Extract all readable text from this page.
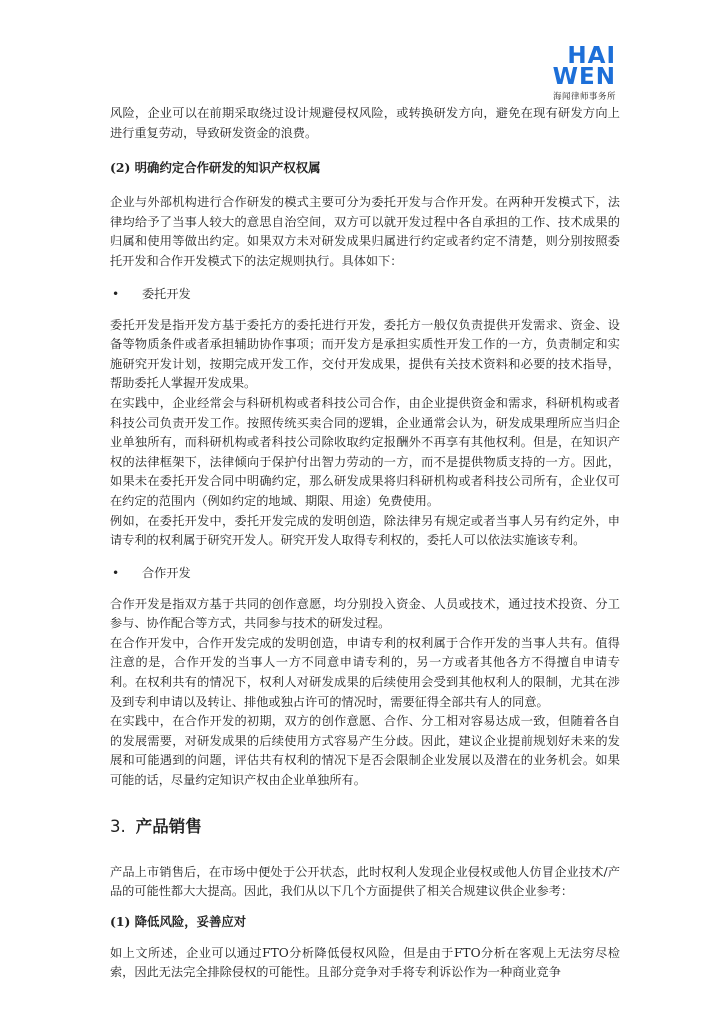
HAI
WEN
海闻律师事务所

风险，企业可以在前期采取绕过设计规避侵权风险，或转换研发方向，避免在现有研发方向上进行重复劳动，导致研发资金的浪费。

(2) 明确约定合作研发的知识产权权属

企业与外部机构进行合作研发的模式主要可分为委托开发与合作开发。在两种开发模式下，法律均给予了当事人较大的意思自治空间，双方可以就开发过程中各自承担的工作、技术成果的归属和使用等做出约定。如果双方未对研发成果归属进行约定或者约定不清楚，则分别按照委托开发和合作开发模式下的法定规则执行。具体如下：

•	委托开发

委托开发是指开发方基于委托方的委托进行开发，委托方一般仅负责提供开发需求、资金、设备等物质条件或者承担辅助协作事项；而开发方是承担实质性开发工作的一方，负责制定和实施研究开发计划，按期完成开发工作，交付开发成果，提供有关技术资料和必要的技术指导，帮助委托人掌握开发成果。

在实践中，企业经常会与科研机构或者科技公司合作，由企业提供资金和需求，科研机构或者科技公司负责开发工作。按照传统买卖合同的逻辑，企业通常会认为，研发成果理所应当归企业单独所有，而科研机构或者科技公司除收取约定报酬外不再享有其他权利。但是，在知识产权的法律框架下，法律倾向于保护付出智力劳动的一方，而不是提供物质支持的一方。因此，如果未在委托开发合同中明确约定，那么研发成果将归科研机构或者科技公司所有，企业仅可在约定的范围内（例如约定的地域、期限、用途）免费使用。

例如，在委托开发中，委托开发完成的发明创造，除法律另有规定或者当事人另有约定外，申请专利的权利属于研究开发人。研究开发人取得专利权的，委托人可以依法实施该专利。

•	合作开发

合作开发是指双方基于共同的创作意愿，均分别投入资金、人员或技术，通过技术投资、分工参与、协作配合等方式，共同参与技术的研发过程。

在合作开发中，合作开发完成的发明创造，申请专利的权利属于合作开发的当事人共有。值得注意的是，合作开发的当事人一方不同意申请专利的，另一方或者其他各方不得擅自申请专利。在权利共有的情况下，权利人对研发成果的后续使用会受到其他权利人的限制，尤其在涉及到专利申请以及转让、排他或独占许可的情况时，需要征得全部共有人的同意。

在实践中，在合作开发的初期，双方的创作意愿、合作、分工相对容易达成一致，但随着各自的发展需要，对研发成果的后续使用方式容易产生分歧。因此，建议企业提前规划好未来的发展和可能遇到的问题，评估共有权利的情况下是否会限制企业发展以及潜在的业务机会。如果可能的话，尽量约定知识产权由企业单独所有。

3. 产品销售

产品上市销售后，在市场中便处于公开状态，此时权利人发现企业侵权或他人仿冒企业技术/产品的可能性都大大提高。因此，我们从以下几个方面提供了相关合规建议供企业参考：

(1) 降低风险，妥善应对

如上文所述，企业可以通过FTO分析降低侵权风险，但是由于FTO分析在客观上无法穷尽检索，因此无法完全排除侵权的可能性。且部分竞争对手将专利诉讼作为一种商业竞争
